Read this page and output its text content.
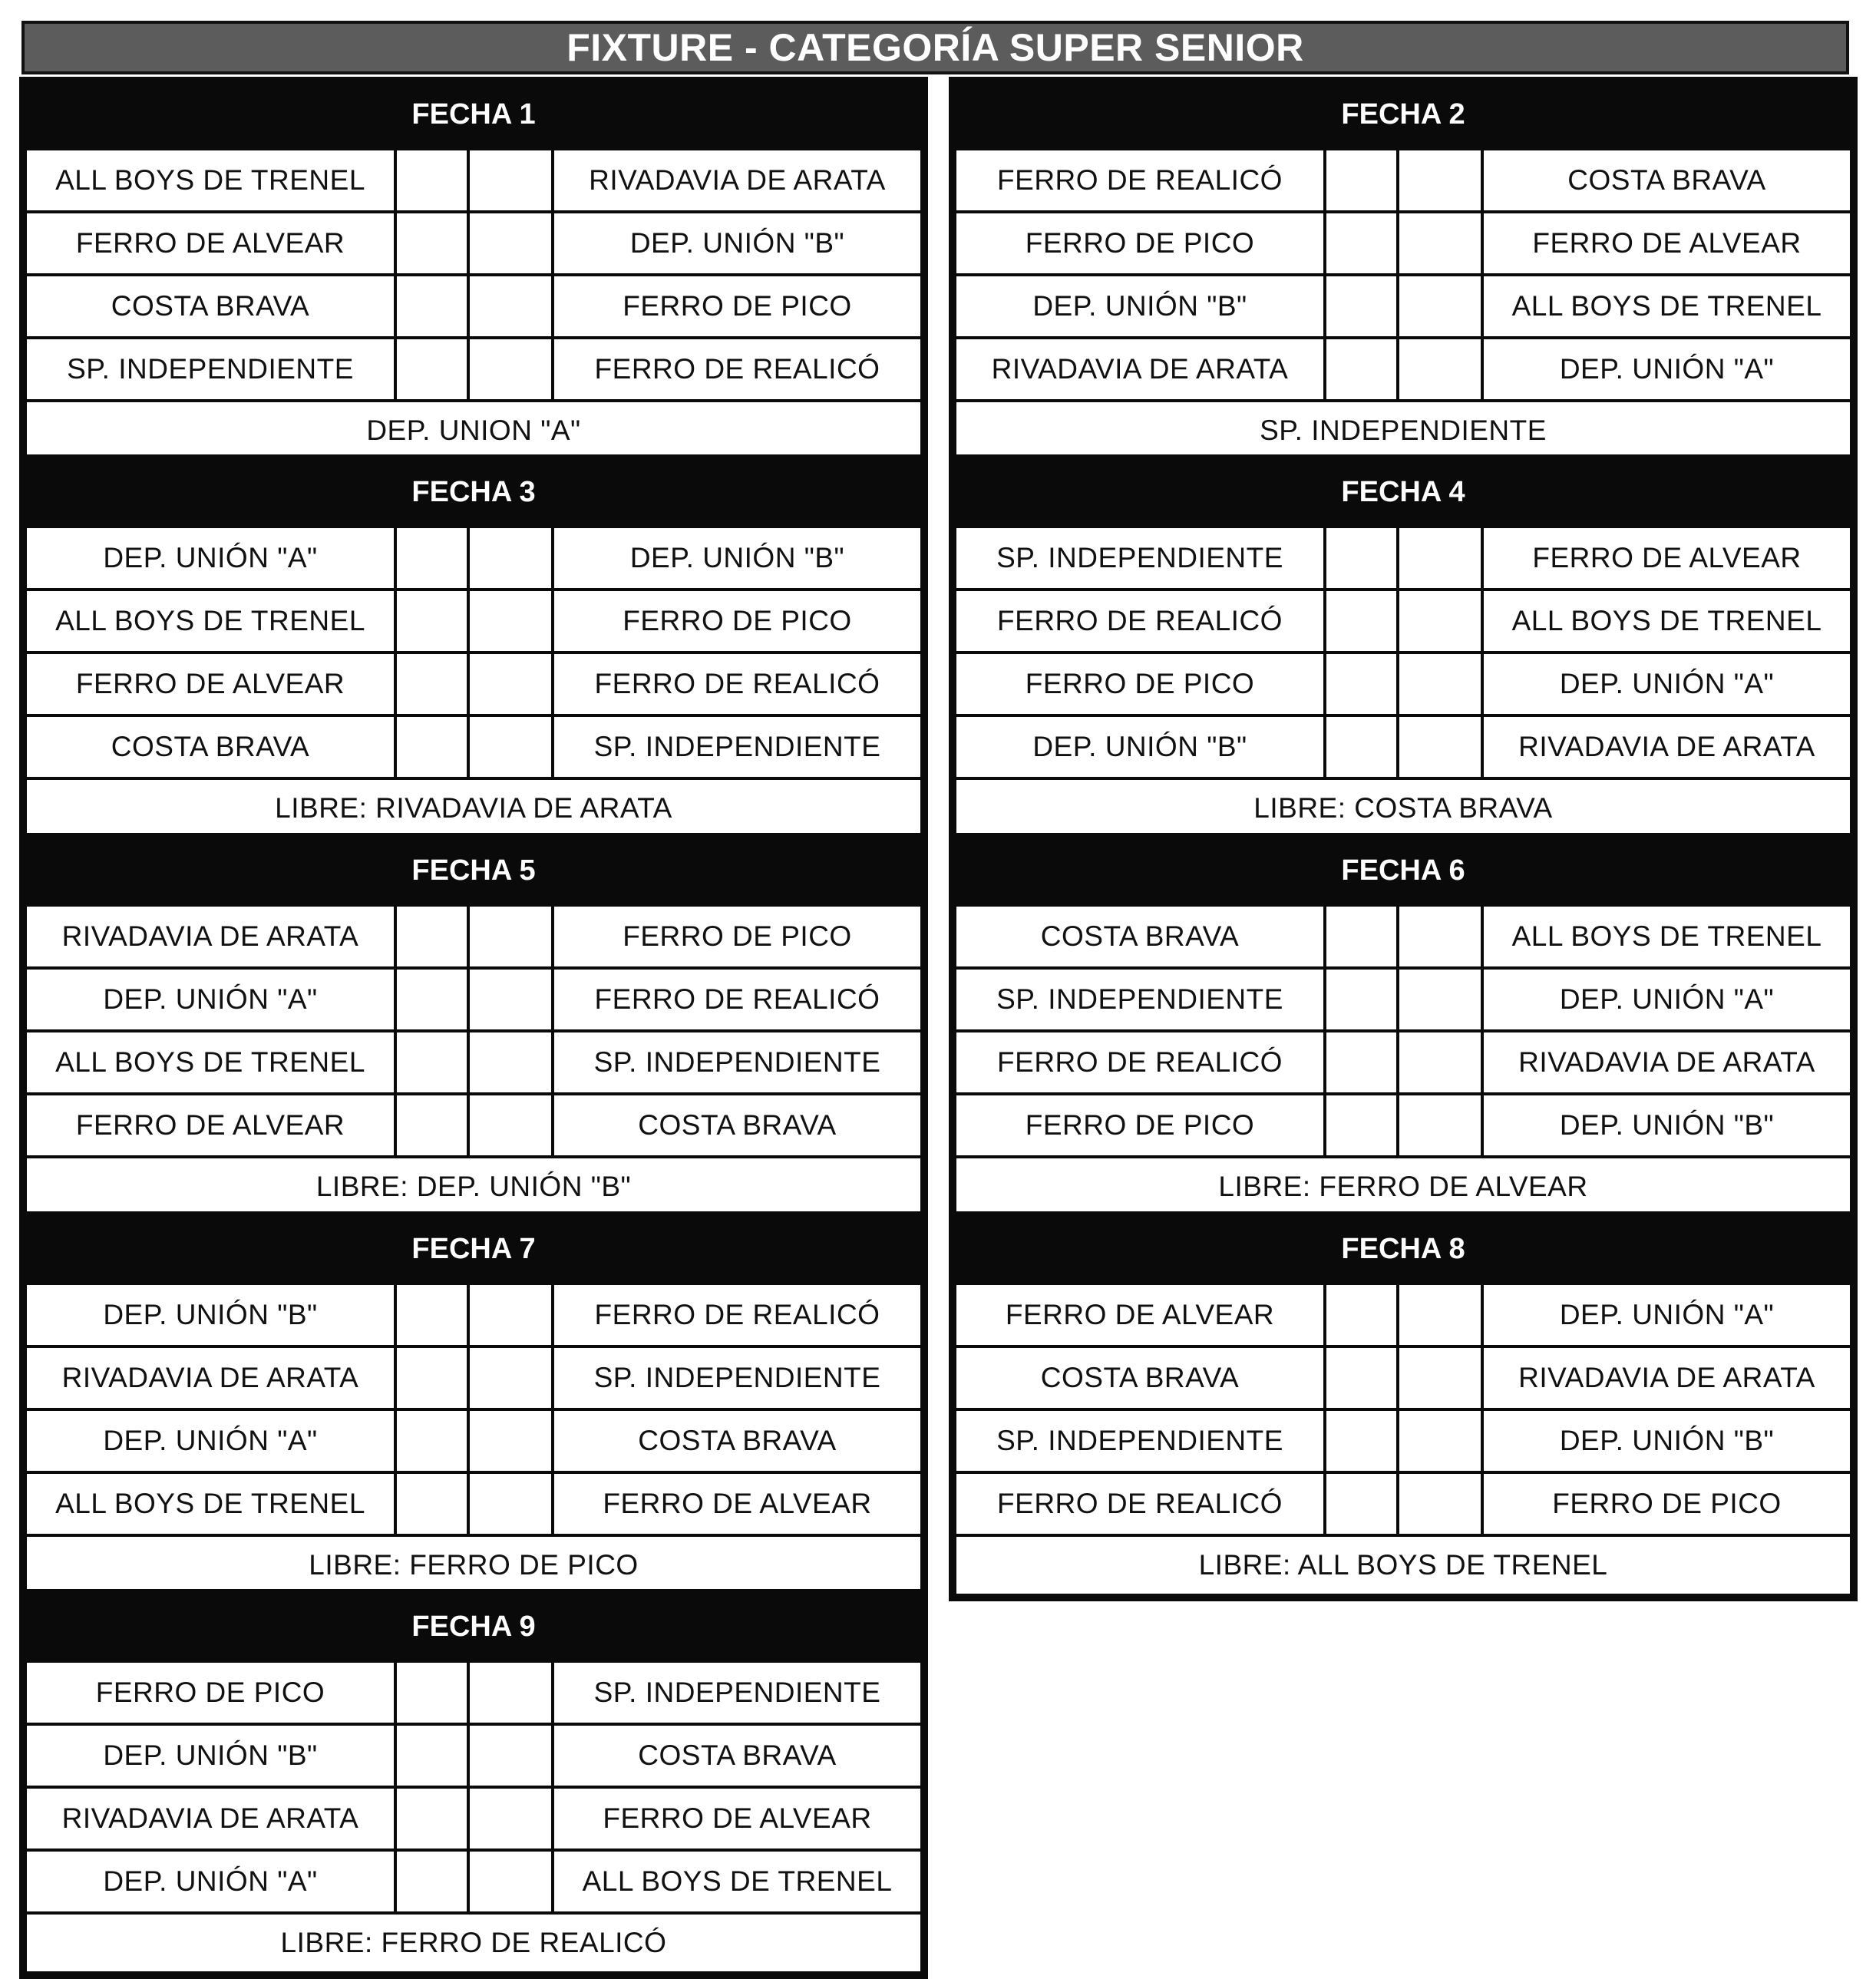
FIXTURE - CATEGORÍA SUPER SENIOR
FECHA 1
ALL BOYS DE TRENEL	RIVADAVIA DE ARATA
FERRO DE ALVEAR	DEP. UNIÓN "B"
COSTA BRAVA	FERRO DE PICO
SP. INDEPENDIENTE	FERRO DE REALICÓ
DEP. UNION "A"
FECHA 2
FERRO DE REALICÓ	COSTA BRAVA
FERRO DE PICO	FERRO DE ALVEAR
DEP. UNIÓN "B"	ALL BOYS DE TRENEL
RIVADAVIA DE ARATA	DEP. UNIÓN "A"
SP. INDEPENDIENTE
FECHA 3
DEP. UNIÓN "A"	DEP. UNIÓN "B"
ALL BOYS DE TRENEL	FERRO DE PICO
FERRO DE ALVEAR	FERRO DE REALICÓ
COSTA BRAVA	SP. INDEPENDIENTE
LIBRE: RIVADAVIA DE ARATA
FECHA 4
SP. INDEPENDIENTE	FERRO DE ALVEAR
FERRO DE REALICÓ	ALL BOYS DE TRENEL
FERRO DE PICO	DEP. UNIÓN "A"
DEP. UNIÓN "B"	RIVADAVIA DE ARATA
LIBRE: COSTA BRAVA
FECHA 5
RIVADAVIA DE ARATA	FERRO DE PICO
DEP. UNIÓN "A"	FERRO DE REALICÓ
ALL BOYS DE TRENEL	SP. INDEPENDIENTE
FERRO DE ALVEAR	COSTA BRAVA
LIBRE: DEP. UNIÓN "B"
FECHA 6
COSTA BRAVA	ALL BOYS DE TRENEL
SP. INDEPENDIENTE	DEP. UNIÓN "A"
FERRO DE REALICÓ	RIVADAVIA DE ARATA
FERRO DE PICO	DEP. UNIÓN "B"
LIBRE: FERRO DE ALVEAR
FECHA 7
DEP. UNIÓN "B"	FERRO DE REALICÓ
RIVADAVIA DE ARATA	SP. INDEPENDIENTE
DEP. UNIÓN "A"	COSTA BRAVA
ALL BOYS DE TRENEL	FERRO DE ALVEAR
LIBRE: FERRO DE PICO
FECHA 8
FERRO DE ALVEAR	DEP. UNIÓN "A"
COSTA BRAVA	RIVADAVIA DE ARATA
SP. INDEPENDIENTE	DEP. UNIÓN "B"
FERRO DE REALICÓ	FERRO DE PICO
LIBRE: ALL BOYS DE TRENEL
FECHA 9
FERRO DE PICO	SP. INDEPENDIENTE
DEP. UNIÓN "B"	COSTA BRAVA
RIVADAVIA DE ARATA	FERRO DE ALVEAR
DEP. UNIÓN "A"	ALL BOYS DE TRENEL
LIBRE: FERRO DE REALICÓ
